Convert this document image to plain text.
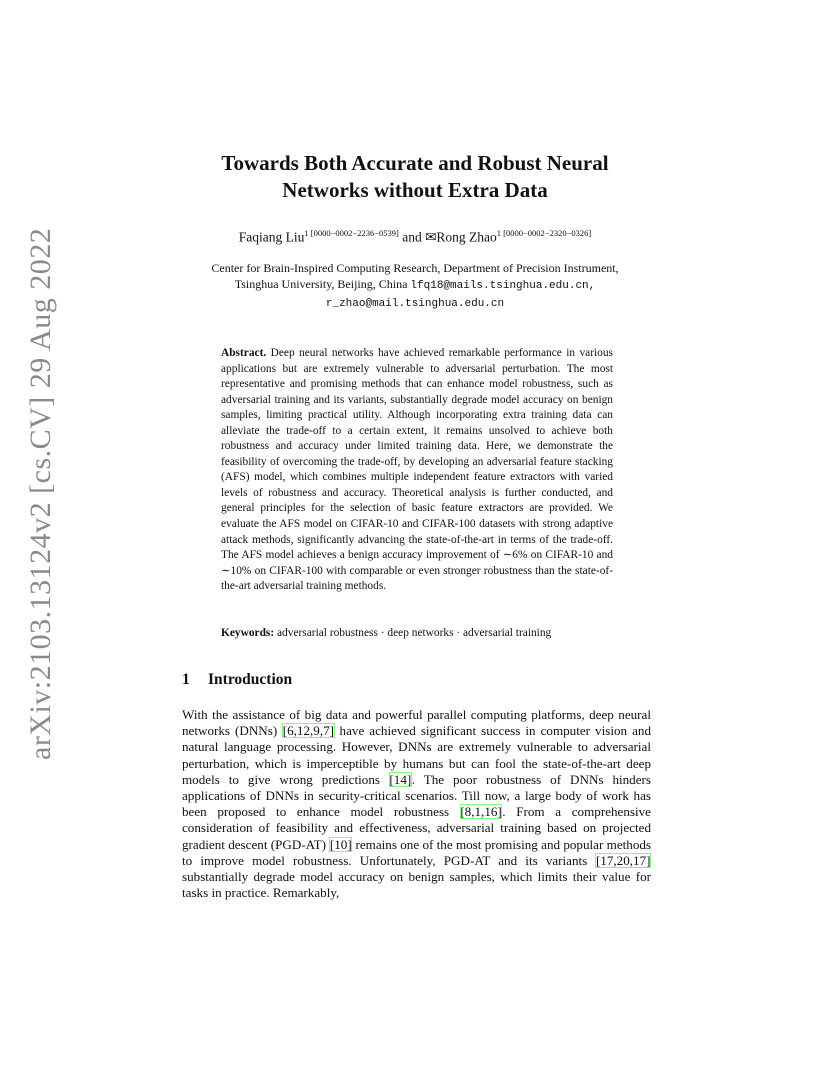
arXiv:2103.13124v2 [cs.CV] 29 Aug 2022
Towards Both Accurate and Robust Neural
Networks without Extra Data
Faqiang Liu$^{1 [0000-0002-2236-0539]}$ and ✉Rong Zhao$^{1 [0000-0002-2320-0326]}$
Center for Brain-Inspired Computing Research, Department of Precision Instrument,
Tsinghua University, Beijing, China lfq18@mails.tsinghua.edu.cn,
r_zhao@mail.tsinghua.edu.cn
Abstract. Deep neural networks have achieved remarkable performance in various applications but are extremely vulnerable to adversarial perturbation. The most representative and promising methods that can enhance model robustness, such as adversarial training and its variants, substantially degrade model accuracy on benign samples, limiting practical utility. Although incorporating extra training data can alleviate the trade-off to a certain extent, it remains unsolved to achieve both robustness and accuracy under limited training data. Here, we demonstrate the feasibility of overcoming the trade-off, by developing an adversarial feature stacking (AFS) model, which combines multiple independent feature extractors with varied levels of robustness and accuracy. Theoretical analysis is further conducted, and general principles for the selection of basic feature extractors are provided. We evaluate the AFS model on CIFAR-10 and CIFAR-100 datasets with strong adaptive attack methods, significantly advancing the state-of-the-art in terms of the trade-off. The AFS model achieves a benign accuracy improvement of ∼6% on CIFAR-10 and ∼10% on CIFAR-100 with comparable or even stronger robustness than the state-of-the-art adversarial training methods.
Keywords: adversarial robustness · deep networks · adversarial training
1 Introduction
With the assistance of big data and powerful parallel computing platforms, deep neural networks (DNNs) [6,12,9,7] have achieved significant success in computer vision and natural language processing. However, DNNs are extremely vulnerable to adversarial perturbation, which is imperceptible by humans but can fool the state-of-the-art deep models to give wrong predictions [14]. The poor robustness of DNNs hinders applications of DNNs in security-critical scenarios. Till now, a large body of work has been proposed to enhance model robustness [8,1,16]. From a comprehensive consideration of feasibility and effectiveness, adversarial training based on projected gradient descent (PGD-AT) [10] remains one of the most promising and popular methods to improve model robustness. Unfortunately, PGD-AT and its variants [17,20,17] substantially degrade model accuracy on benign samples, which limits their value for tasks in practice. Remarkably,
